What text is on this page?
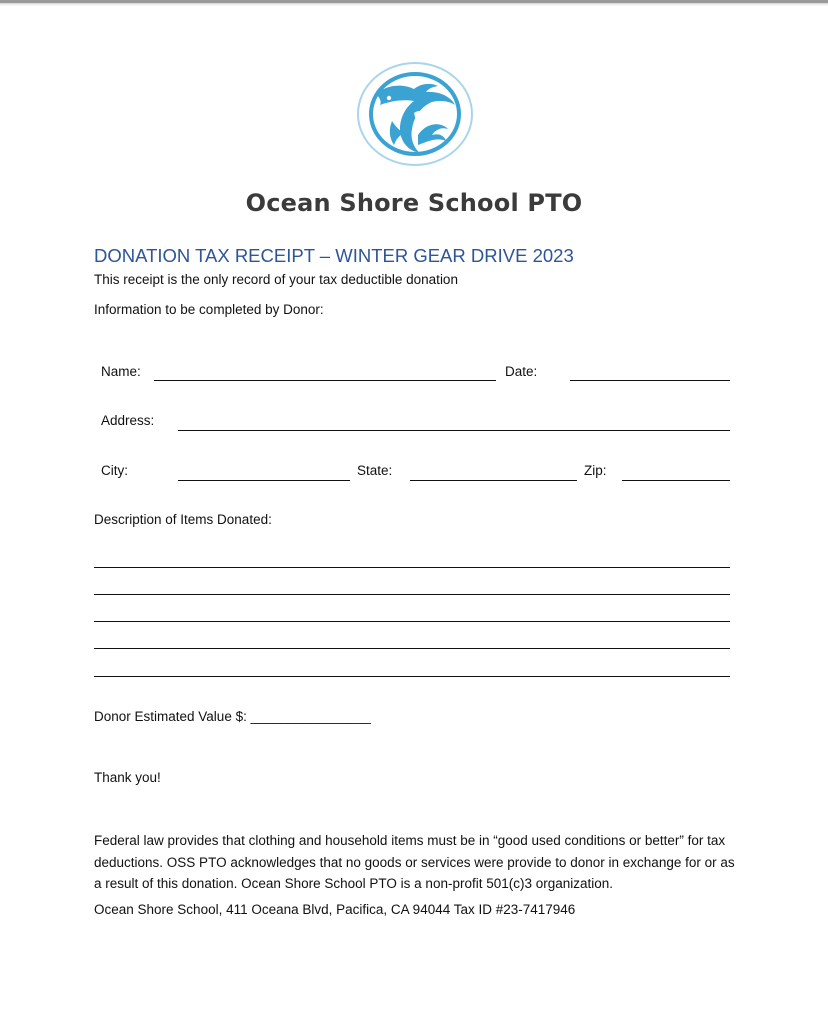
Ocean Shore School PTO
DONATION TAX RECEIPT – WINTER GEAR DRIVE 2023
This receipt is the only record of your tax deductible donation
Information to be completed by Donor:
Name:	Date:
Address:
City:	State:	Zip:
Description of Items Donated:
Donor Estimated Value $: ________________
Thank you!
Federal law provides that clothing and household items must be in “good used conditions or better” for tax deductions. OSS PTO acknowledges that no goods or services were provide to donor in exchange for or as a result of this donation. Ocean Shore School PTO is a non-profit 501(c)3 organization.
Ocean Shore School, 411 Oceana Blvd, Pacifica, CA 94044 Tax ID #23-7417946
